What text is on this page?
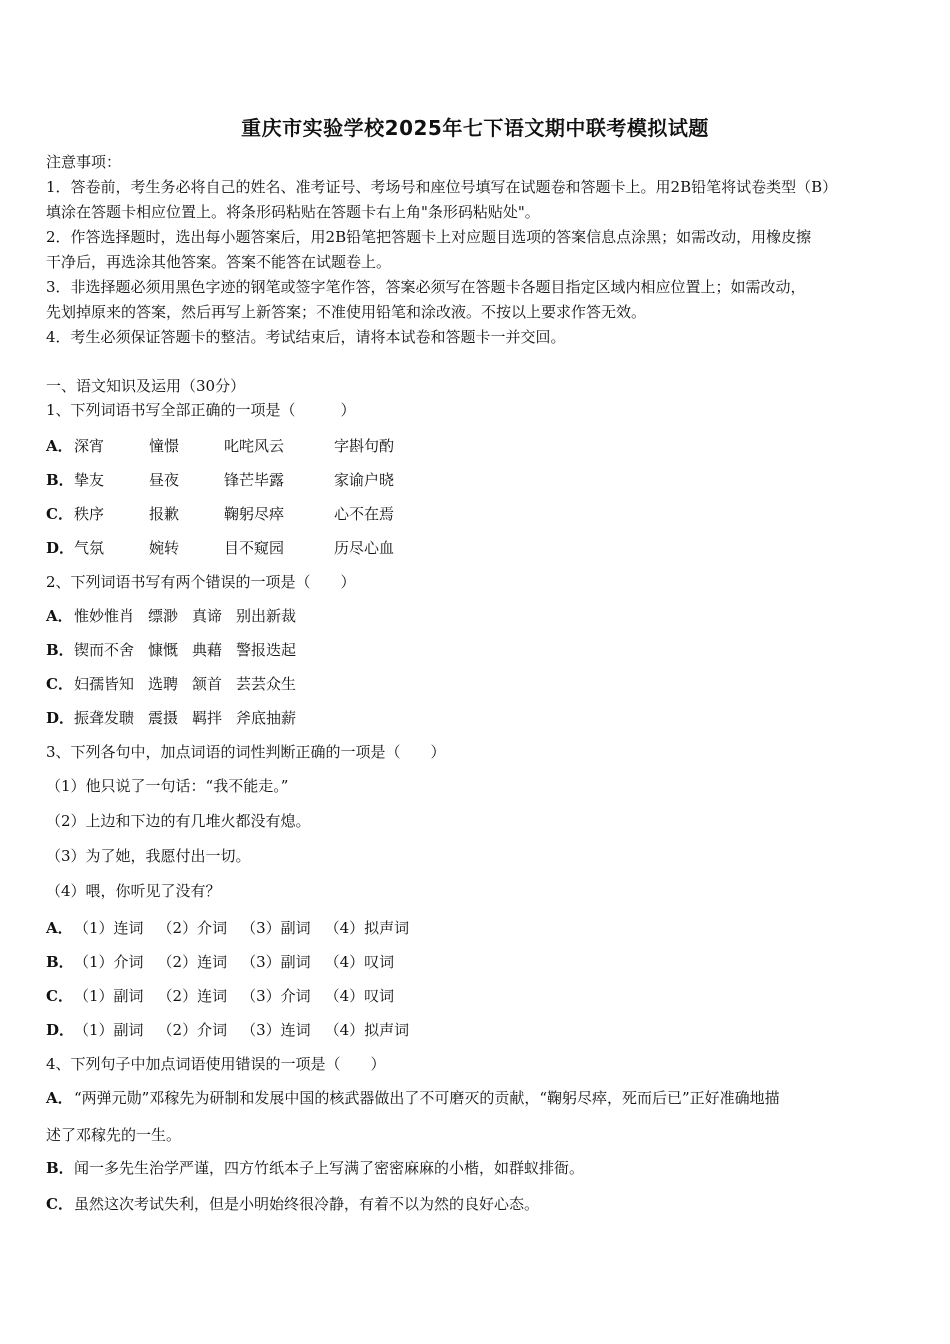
重庆市实验学校2025年七下语文期中联考模拟试题
注意事项：
1．答卷前，考生务必将自己的姓名、准考证号、考场号和座位号填写在试题卷和答题卡上。用2B铅笔将试卷类型（B）
填涂在答题卡相应位置上。将条形码粘贴在答题卡右上角"条形码粘贴处"。
2．作答选择题时，选出每小题答案后，用2B铅笔把答题卡上对应题目选项的答案信息点涂黑；如需改动，用橡皮擦
干净后，再选涂其他答案。答案不能答在试题卷上。
3．非选择题必须用黑色字迹的钢笔或签字笔作答，答案必须写在答题卡各题目指定区域内相应位置上；如需改动，
先划掉原来的答案，然后再写上新答案；不准使用铅笔和涂改液。不按以上要求作答无效。
4．考生必须保证答题卡的整洁。考试结束后，请将本试卷和答题卡一并交回。
一、语文知识及运用（30分）
1、下列词语书写全部正确的一项是（　　　）
A．深宵	憧憬	叱咤风云	字斟句酌
B．挚友	昼夜	锋芒毕露	家谕户晓
C．秩序	报歉	鞠躬尽瘁	心不在焉
D．气氛	婉转	目不窥园	历尽心血
2、下列词语书写有两个错误的一项是（　　）
A．惟妙惟肖 缥渺 真谛 别出新裁
B．锲而不舍 慷慨 典藉 警报迭起
C．妇孺皆知 选聘 颔首 芸芸众生
D．振聋发聩 震摄 羁拌 斧底抽薪
3、下列各句中，加点词语的词性判断正确的一项是（　　）
（1）他只说了一句话：“我不能走。”
（2）上边和下边的有几堆火都没有熄。
（3）为了她，我愿付出一切。
（4）喂，你听见了没有？
A．（1）连词 （2）介词 （3）副词 （4）拟声词
B．（1）介词 （2）连词 （3）副词 （4）叹词
C．（1）副词 （2）连词 （3）介词 （4）叹词
D．（1）副词 （2）介词 （3）连词 （4）拟声词
4、下列句子中加点词语使用错误的一项是（　　）
A．“两弹元勋”邓稼先为研制和发展中国的核武器做出了不可磨灭的贡献，“鞠躬尽瘁，死而后已”正好准确地描
述了邓稼先的一生。
B．闻一多先生治学严谨，四方竹纸本子上写满了密密麻麻的小楷，如群蚁排衙。
C．虽然这次考试失利，但是小明始终很冷静，有着不以为然的良好心态。
